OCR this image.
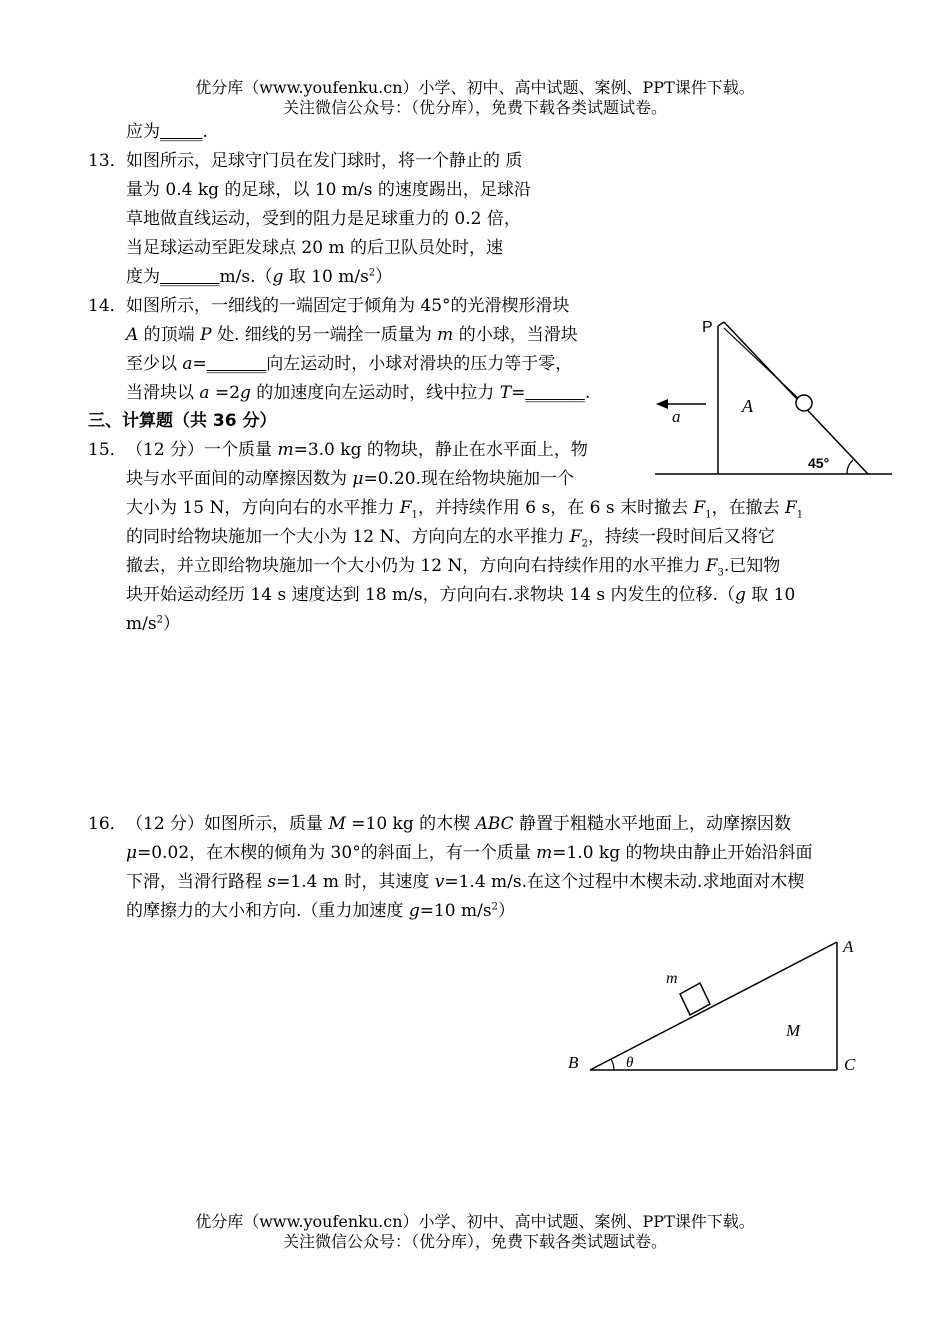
优分库（www.youfenku.cn）小学、初中、高中试题、案例、PPT课件下载。
关注微信公众号：（优分库），免费下载各类试题试卷。
应为_____.
13． 如图所示，足球守门员在发门球时，将一个静止的 质
量为 0.4 kg 的足球，以 10 m/s 的速度踢出，足球沿
草地做直线运动，受到的阻力是足球重力的 0.2 倍，
当足球运动至距发球点 20 m 的后卫队员处时，速
度为_______m/s.（g 取 10 $m/s^2$）
14． 如图所示，一细线的一端固定于倾角为 45°的光滑楔形滑块
A 的顶端 P 处. 细线的另一端拴一质量为 m 的小球，当滑块
至少以 a=_______向左运动时，小球对滑块的压力等于零，
当滑块以 a =2g 的加速度向左运动时，线中拉力 T=_______.
三、计算题（共 36 分）
15． （12 分）一个质量 m=3.0 kg 的物块，静止在水平面上，物
块与水平面间的动摩擦因数为 μ=0.20.现在给物块施加一个
大小为 15 N，方向向右的水平推力 $F_1$，并持续作用 6 s，在 6 s 末时撤去 $F_1$，在撤去 $F_1$
的同时给物块施加一个大小为 12 N、方向向左的水平推力 $F_2$，持续一段时间后又将它
撤去，并立即给物块施加一个大小仍为 12 N，方向向右持续作用的水平推力 $F_3$.已知物
块开始运动经历 14 s 速度达到 18 m/s，方向向右.求物块 14 s 内发生的位移.（g 取 10
$m/s^2$）
16． （12 分）如图所示，质量 M =10 kg 的木楔 ABC 静置于粗糙水平地面上，动摩擦因数
μ=0.02，在木楔的倾角为 30°的斜面上，有一个质量 m=1.0 kg 的物块由静止开始沿斜面
下滑，当滑行路程 s=1.4 m 时，其速度 v=1.4 m/s.在这个过程中木楔未动.求地面对木楔
的摩擦力的大小和方向.（重力加速度 g=10 $m/s^2$）
P
A
a
45°
A
B	C
M
m
θ
优分库（www.youfenku.cn）小学、初中、高中试题、案例、PPT课件下载。
关注微信公众号：（优分库），免费下载各类试题试卷。
